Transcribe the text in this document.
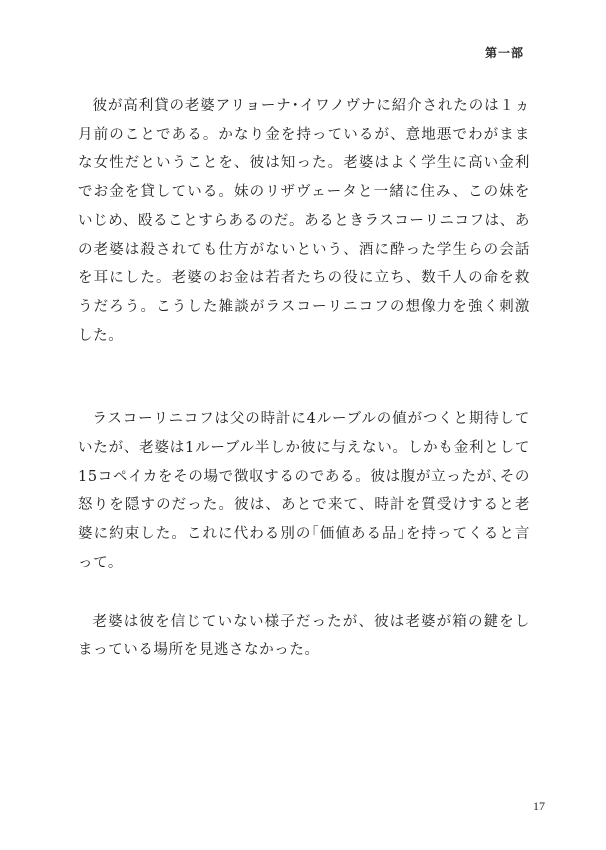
第一部

彼が高利貸の老婆アリョーナ･イワノヴナに紹介されたのは１ヵ月前のことである。かなり金を持っているが、意地悪でわがままな女性だということを、彼は知った。老婆はよく学生に高い金利でお金を貸している。妹のリザヴェータと一緒に住み、この妹をいじめ、殴ることすらあるのだ。あるときラスコーリニコフは、あの老婆は殺されても仕方がないという、酒に酔った学生らの会話を耳にした。老婆のお金は若者たちの役に立ち、数千人の命を救うだろう。こうした雑談がラスコーリニコフの想像力を強く刺激した。

ラスコーリニコフは父の時計に4ルーブルの値がつくと期待していたが、老婆は1ルーブル半しか彼に与えない。しかも金利として15コペイカをその場で徴収するのである。彼は腹が立ったが､その怒りを隠すのだった。彼は、あとで来て、時計を質受けすると老婆に約束した。これに代わる別の｢価値ある品｣を持ってくると言って。

老婆は彼を信じていない様子だったが、彼は老婆が箱の鍵をしまっている場所を見逃さなかった。

17
